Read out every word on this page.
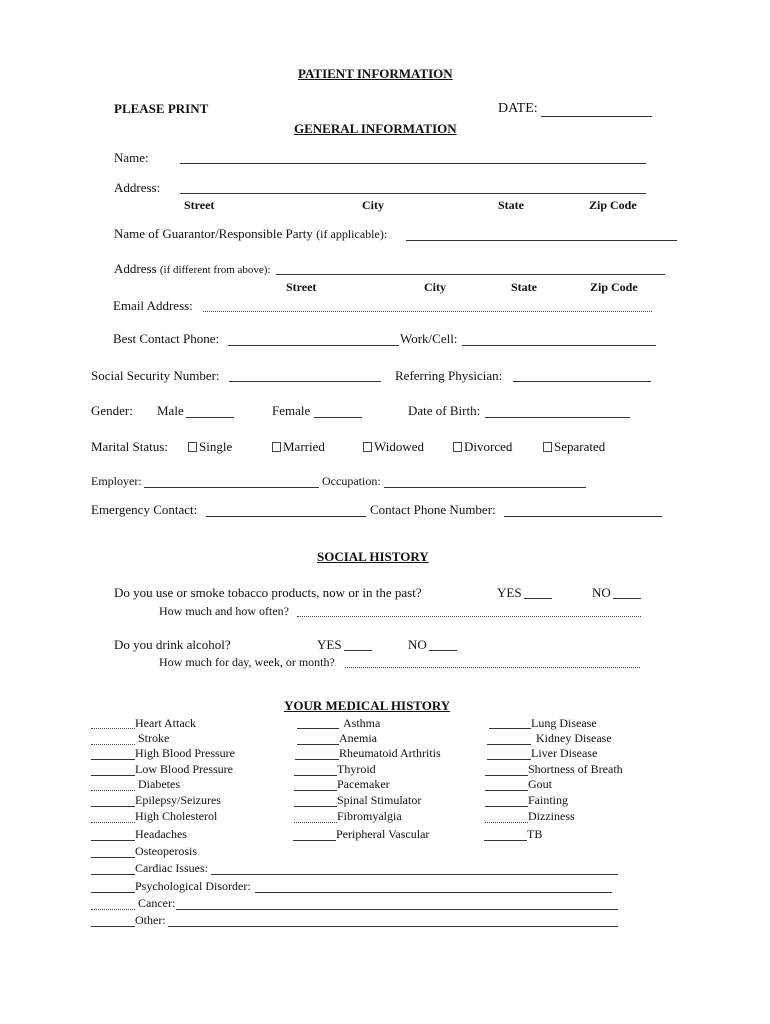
PATIENT INFORMATION
PLEASE PRINT	DATE:
GENERAL INFORMATION
Name:
Address:
Street	City	State	Zip Code
Name of Guarantor/Responsible Party (if applicable):
Address (if different from above):
Street	City	State	Zip Code
Email Address:
Best Contact Phone:	Work/Cell:
Social Security Number:	Referring Physician:
Gender: Male	Female	Date of Birth:
Marital Status:	Single	Married	Widowed	Divorced	Separated
Employer:	Occupation:
Emergency Contact:	Contact Phone Number:
SOCIAL HISTORY
Do you use or smoke tobacco products, now or in the past?	YES	NO
How much and how often?
Do you drink alcohol?	YES	NO
How much for day, week, or month?
YOUR MEDICAL HISTORY
Heart Attack
Stroke
High Blood Pressure
Low Blood Pressure
Diabetes
Epilepsy/Seizures
High Cholesterol
Headaches
Osteoperosis
Asthma
Anemia
Rheumatoid Arthritis
Thyroid
Pacemaker
Spinal Stimulator
Fibromyalgia
Peripheral Vascular
Lung Disease
Kidney Disease
Liver Disease
Shortness of Breath
Gout
Fainting
Dizziness
TB
Cardiac Issues:
Psychological Disorder:
Cancer:
Other:
